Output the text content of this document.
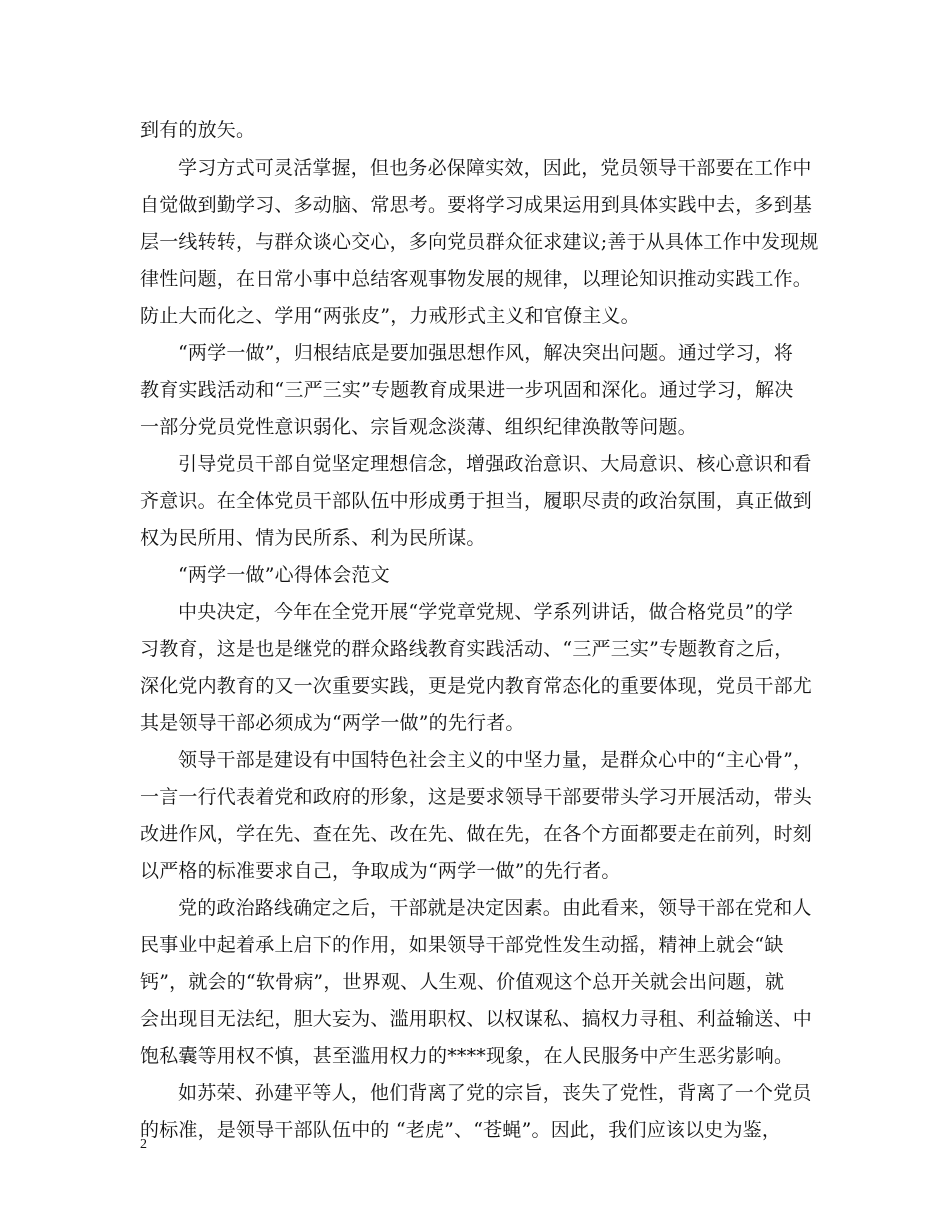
到有的放矢。
学习方式可灵活掌握，但也务必保障实效，因此，党员领导干部要在工作中
自觉做到勤学习、多动脑、常思考。要将学习成果运用到具体实践中去，多到基
层一线转转，与群众谈心交心，多向党员群众征求建议;善于从具体工作中发现规
律性问题，在日常小事中总结客观事物发展的规律，以理论知识推动实践工作。
防止大而化之、学用“两张皮”，力戒形式主义和官僚主义。
“两学一做”，归根结底是要加强思想作风，解决突出问题。通过学习，将
教育实践活动和“三严三实”专题教育成果进一步巩固和深化。通过学习，解决
一部分党员党性意识弱化、宗旨观念淡薄、组织纪律涣散等问题。
引导党员干部自觉坚定理想信念，增强政治意识、大局意识、核心意识和看
齐意识。在全体党员干部队伍中形成勇于担当，履职尽责的政治氛围，真正做到
权为民所用、情为民所系、利为民所谋。
“两学一做”心得体会范文
中央决定，今年在全党开展“学党章党规、学系列讲话，做合格党员”的学
习教育，这是也是继党的群众路线教育实践活动、“三严三实”专题教育之后，
深化党内教育的又一次重要实践，更是党内教育常态化的重要体现，党员干部尤
其是领导干部必须成为“两学一做”的先行者。
领导干部是建设有中国特色社会主义的中坚力量，是群众心中的“主心骨”，
一言一行代表着党和政府的形象，这是要求领导干部要带头学习开展活动，带头
改进作风，学在先、查在先、改在先、做在先，在各个方面都要走在前列，时刻
以严格的标准要求自己，争取成为“两学一做”的先行者。
党的政治路线确定之后，干部就是决定因素。由此看来，领导干部在党和人
民事业中起着承上启下的作用，如果领导干部党性发生动摇，精神上就会“缺
钙”，就会的“软骨病”，世界观、人生观、价值观这个总开关就会出问题，就
会出现目无法纪，胆大妄为、滥用职权、以权谋私、搞权力寻租、利益输送、中
饱私囊等用权不慎，甚至滥用权力的****现象，在人民服务中产生恶劣影响。
如苏荣、孙建平等人，他们背离了党的宗旨，丧失了党性，背离了一个党员
的标准，是领导干部队伍中的 “老虎”、“苍蝇”。因此，我们应该以史为鉴，
2
